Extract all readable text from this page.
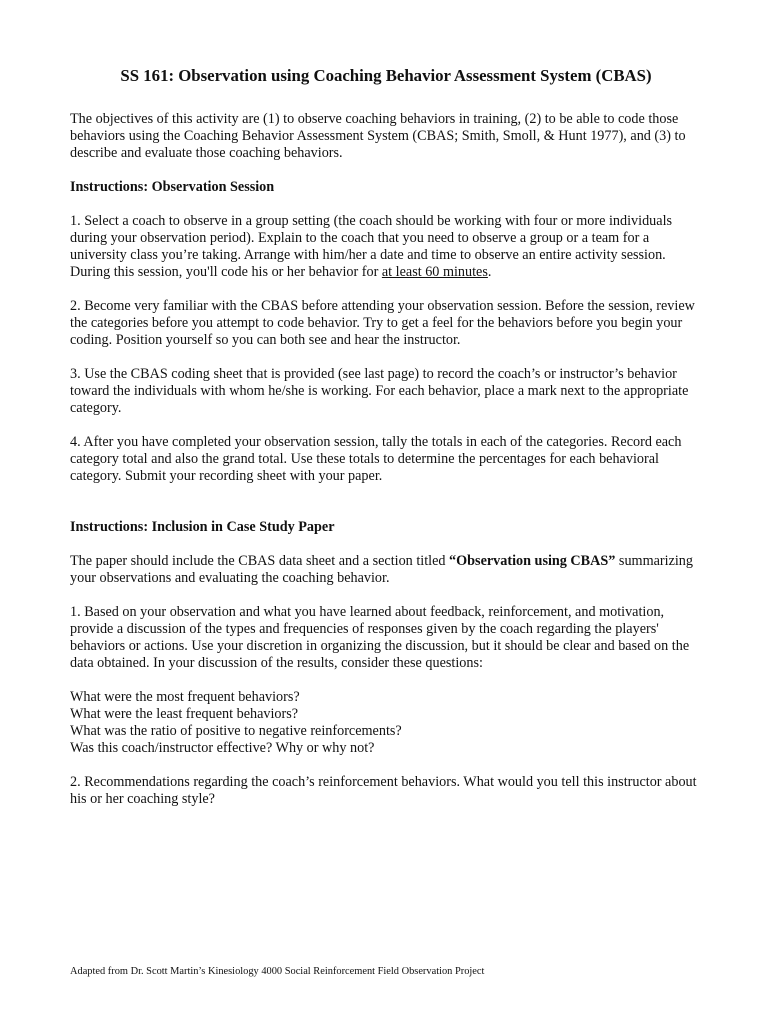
SS 161: Observation using Coaching Behavior Assessment System (CBAS)

The objectives of this activity are (1) to observe coaching behaviors in training, (2) to be able to code those behaviors using the Coaching Behavior Assessment System (CBAS; Smith, Smoll, & Hunt 1977), and (3) to describe and evaluate those coaching behaviors.

Instructions: Observation Session

1. Select a coach to observe in a group setting (the coach should be working with four or more individuals during your observation period). Explain to the coach that you need to observe a group or a team for a university class you’re taking. Arrange with him/her a date and time to observe an entire activity session. During this session, you'll code his or her behavior for at least 60 minutes.

2. Become very familiar with the CBAS before attending your observation session. Before the session, review the categories before you attempt to code behavior. Try to get a feel for the behaviors before you begin your coding. Position yourself so you can both see and hear the instructor.

3. Use the CBAS coding sheet that is provided (see last page) to record the coach’s or instructor’s behavior toward the individuals with whom he/she is working. For each behavior, place a mark next to the appropriate category.

4. After you have completed your observation session, tally the totals in each of the categories. Record each category total and also the grand total. Use these totals to determine the percentages for each behavioral category. Submit your recording sheet with your paper.

Instructions: Inclusion in Case Study Paper

The paper should include the CBAS data sheet and a section titled “Observation using CBAS” summarizing your observations and evaluating the coaching behavior.

1. Based on your observation and what you have learned about feedback, reinforcement, and motivation, provide a discussion of the types and frequencies of responses given by the coach regarding the players' behaviors or actions. Use your discretion in organizing the discussion, but it should be clear and based on the data obtained. In your discussion of the results, consider these questions:

What were the most frequent behaviors?
What were the least frequent behaviors?
What was the ratio of positive to negative reinforcements?
Was this coach/instructor effective? Why or why not?

2. Recommendations regarding the coach’s reinforcement behaviors. What would you tell this instructor about his or her coaching style?

Adapted from Dr. Scott Martin’s Kinesiology 4000 Social Reinforcement Field Observation Project
